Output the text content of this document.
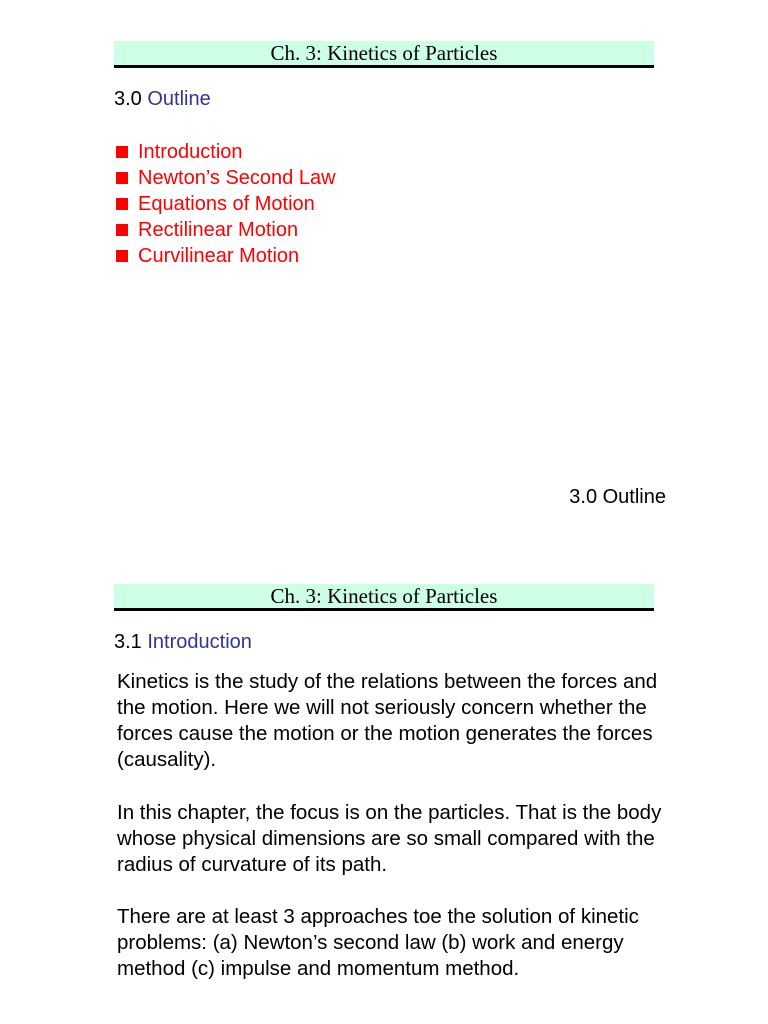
Ch. 3: Kinetics of Particles
3.0 Outline
Introduction
Newton’s Second Law
Equations of Motion
Rectilinear Motion
Curvilinear Motion
3.0 Outline
Ch. 3: Kinetics of Particles
3.1 Introduction

Kinetics is the study of the relations between the forces and the motion. Here we will not seriously concern whether the forces cause the motion or the motion generates the forces (causality).

In this chapter, the focus is on the particles. That is the body whose physical dimensions are so small compared with the radius of curvature of its path.

There are at least 3 approaches toe the solution of kinetic problems: (a) Newton’s second law (b) work and energy method (c) impulse and momentum method.
